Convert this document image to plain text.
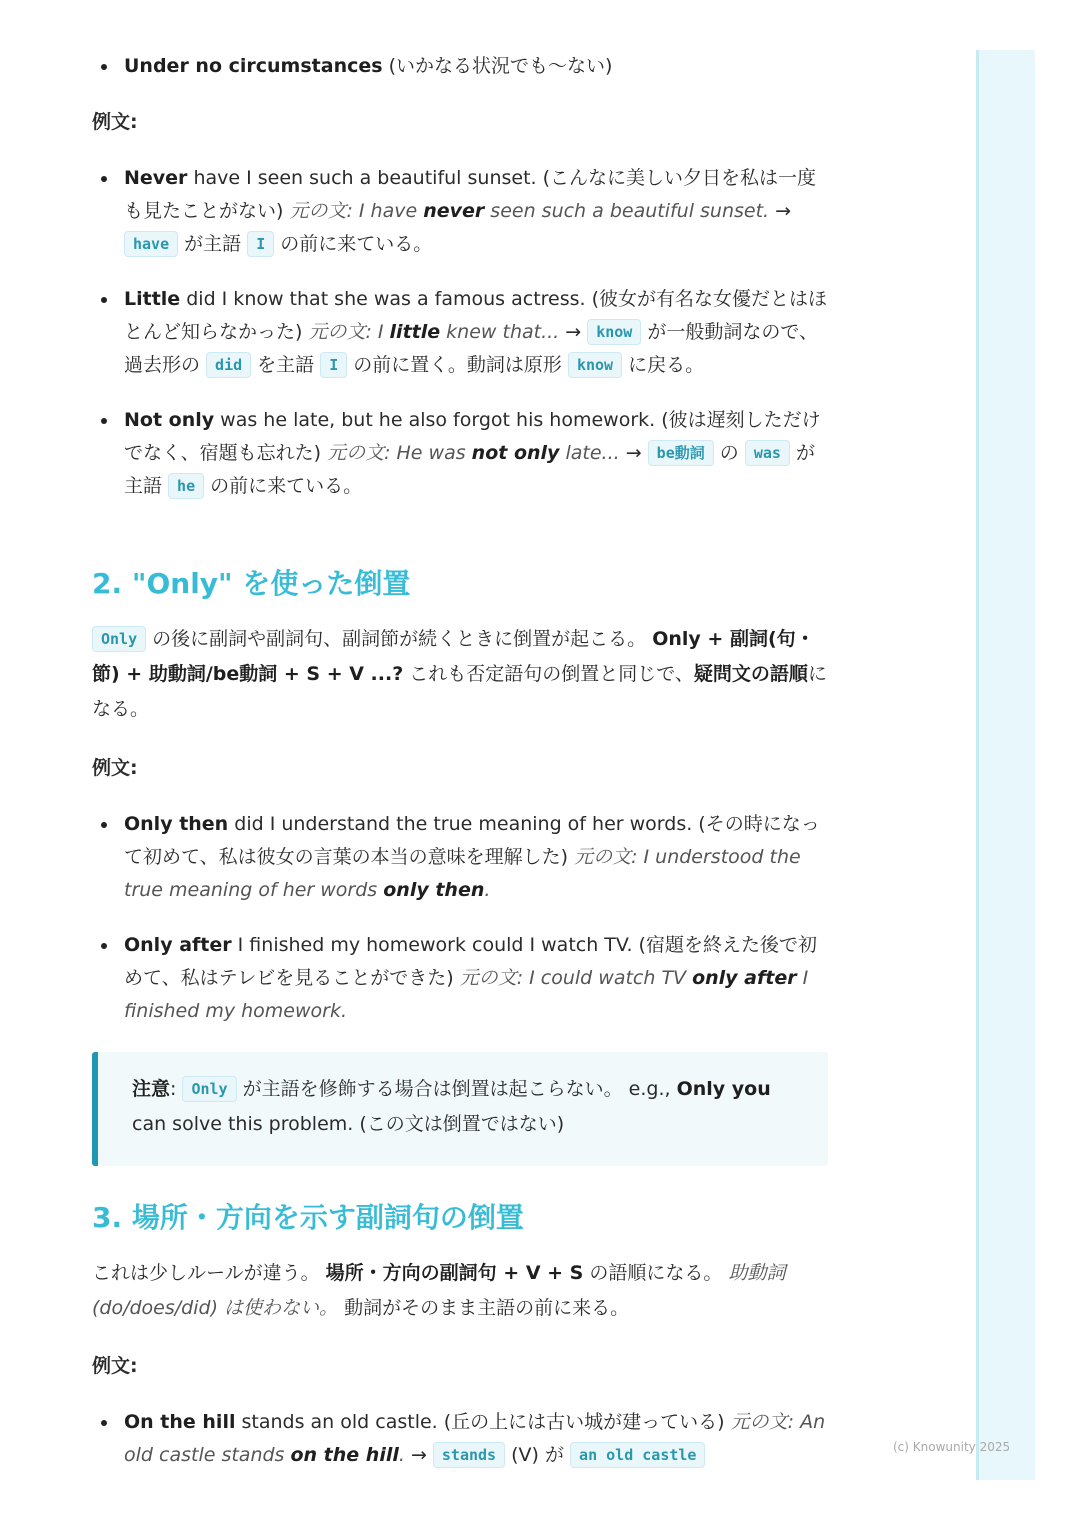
(c) Knowunity 2025
Under no circumstances (いかなる状況でも〜ない)
例文:
Never have I seen such a beautiful sunset. (こんなに美しい夕日を私は一度も見たことがない) 元の文: I have never seen such a beautiful sunset. → have が主語 I の前に来ている。
Little did I know that she was a famous actress. (彼女が有名な女優だとはほとんど知らなかった) 元の文: I little knew that... → know が一般動詞なので、過去形の did を主語 I の前に置く。動詞は原形 know に戻る。
Not only was he late, but he also forgot his homework. (彼は遅刻しただけでなく、宿題も忘れた) 元の文: He was not only late... → be動詞 の was が主語 he の前に来ている。
2. "Only" を使った倒置

Only の後に副詞や副詞句、副詞節が続くときに倒置が起こる。 Only + 副詞(句・節) + 助動詞/be動詞 + S + V ...? これも否定語句の倒置と同じで、疑問文の語順になる。

例文:
Only then did I understand the true meaning of her words. (その時になって初めて、私は彼女の言葉の本当の意味を理解した) 元の文: I understood the true meaning of her words only then.
Only after I finished my homework could I watch TV. (宿題を終えた後で初めて、私はテレビを見ることができた) 元の文: I could watch TV only after I finished my homework.
注意: Only が主語を修飾する場合は倒置は起こらない。 e.g., Only you can solve this problem. (この文は倒置ではない)
3. 場所・方向を示す副詞句の倒置

これは少しルールが違う。 場所・方向の副詞句 + V + S の語順になる。 助動詞(do/does/did) は使わない。 動詞がそのまま主語の前に来る。

例文:
On the hill stands an old castle. (丘の上には古い城が建っている) 元の文: An old castle stands on the hill. → stands (V) が an old castle
